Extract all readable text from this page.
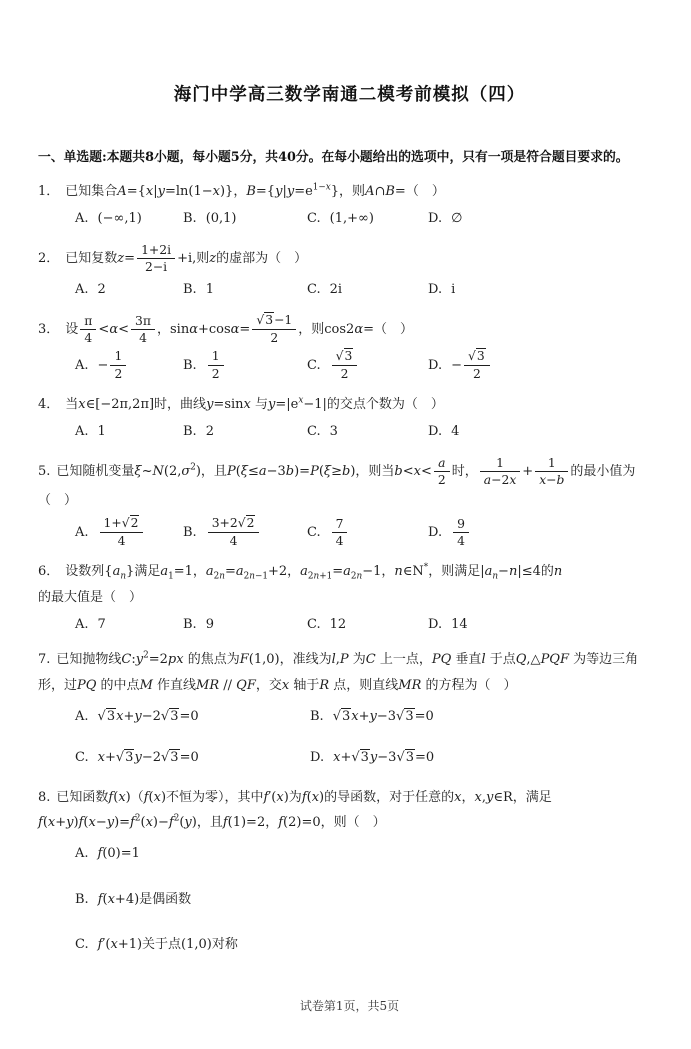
海门中学高三数学南通二模考前模拟（四）
一、单选题:本题共8小题，每小题5分，共40分。在每小题给出的选项中，只有一项是符合题目要求的。

1． 已知集合A={x|y=ln(1−x)}，$B=\{y|y=e^{1-x}\}$，则A∩B=（　）

A. (−∞,1)	B. (0,1)	C. (1,+∞)	D. ∅

2． 已知复数$z= \frac{1+2i}{2-i} +i$,则z的虚部为（　）

A. 2	B. 1	C. 2i	D. i

3． 设 $\frac{\pi}{4} <\alpha< \frac{3\pi}{4}$ ，$\sin\alpha+\cos\alpha= \frac{√3-1}{2}$ ，则cos2α=（　）

A. − $\frac{1}{2}$	B. $\frac{1}{2}$	C. $\frac{√3}{2}$	D. − $\frac{√3}{2}$

4． 当x∈[−2π,2π]时，曲线y=sinx 与$y=|e^x-1|$的交点个数为（　）

A. 1	B. 2	C. 3	D. 4

5. 已知随机变量$\xi\sim N(2,\sigma^2)$，且P(ξ≤a−3b)=P(ξ≥b)，则当$b<x< \frac{a}{2}$ 时， $\frac{1}{a-2x} + \frac{1}{x-b}$ 的最小值为（　）

A. $\frac{1+√2}{4}$	B. $\frac{3+2√2}{4}$	C. $\frac{7}{4}$	D. $\frac{9}{4}$

6． 设数列$\{a_n\}$满足$a_1=1$，$a_{2n}=a_{2n-1}+2$，$a_{2n+1}=a_{2n}-1$，n∈N*，则满足$|a_n-n|\le 4$的n的最大值是（　）

A. 7	B. 9	C. 12	D. 14

7. 已知抛物线$C:y^2=2px$ 的焦点为F(1,0)，准线为l,P 为C 上一点，PQ 垂直l 于点Q,△PQF 为等边三角形，过PQ 的中点M 作直线MR // QF，交x 轴于R 点，则直线MR 的方程为（　）

A. √3x+y−2√3=0	B. √3x+y−3√3=0
C. x+√3y−2√3=0	D. x+√3y−3√3=0

8. 已知函数f(x)（f(x)不恒为零），其中f′(x)为f(x)的导函数，对于任意的x，x,y∈R，满足 $f(x+y)f(x-y)=f^2(x)-f^2(y)$，且f(1)=2，f(2)=0，则（　）

A. f(0)=1
B. f(x+4)是偶函数
C. f′(x+1)关于点(1,0)对称
试卷第1页，共5页
